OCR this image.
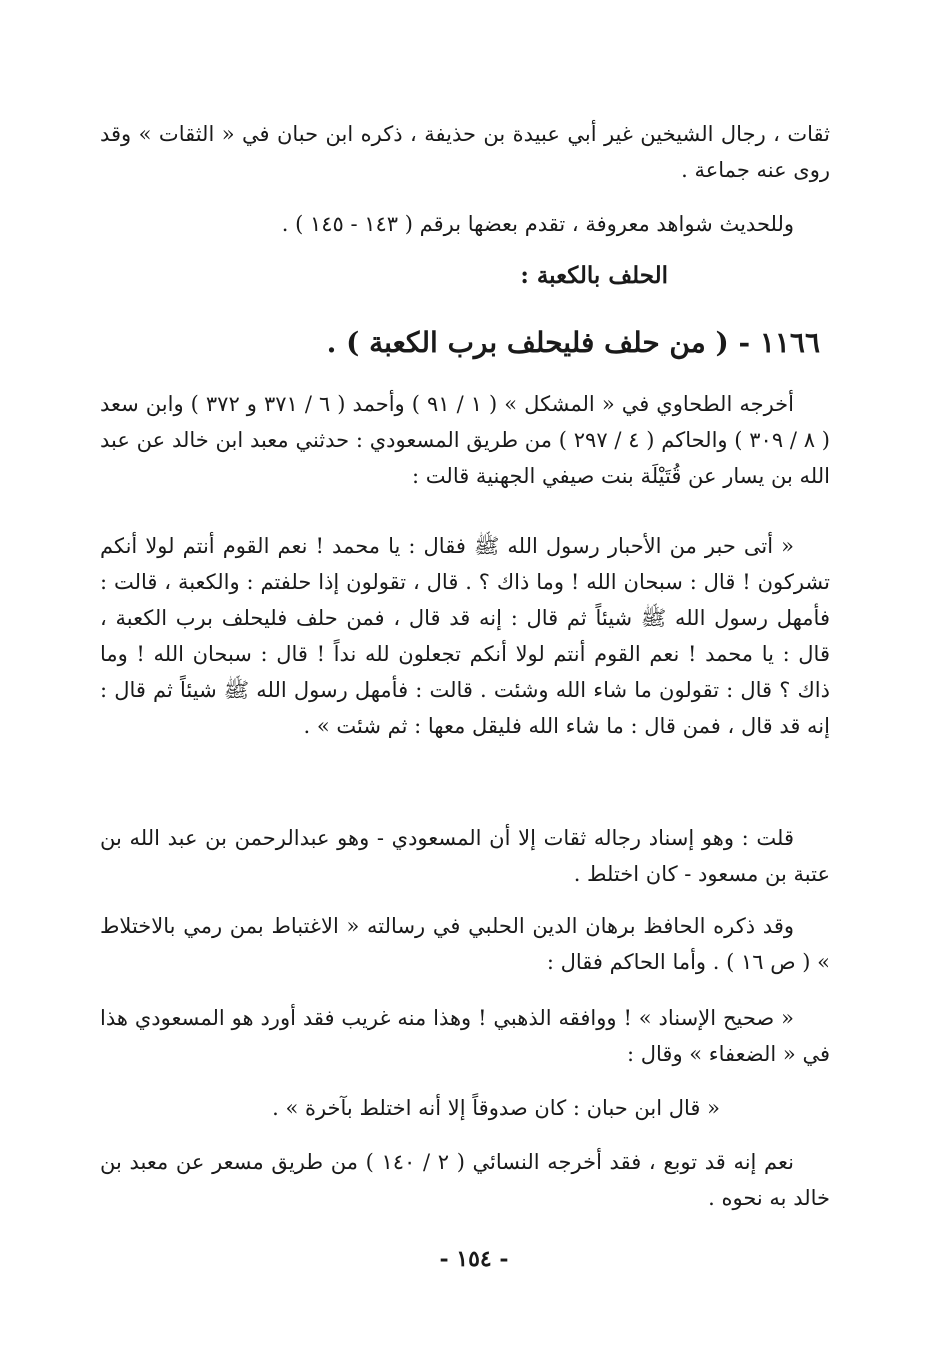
ثقات ، رجال الشيخين غير أبي عبيدة بن حذيفة ، ذكره ابن حبان في « الثقات » وقد روى عنه جماعة .

وللحديث شواهد معروفة ، تقدم بعضها برقم ( ١٤٣ - ١٤٥ ) .

الحلف بالكعبة :

١١٦٦ - ( من حلف فليحلف برب الكعبة ) .

أخرجه الطحاوي في « المشكل » ( ١ / ٩١ ) وأحمد ( ٦ / ٣٧١ و ٣٧٢ ) وابن سعد ( ٨ / ٣٠٩ ) والحاكم ( ٤ / ٢٩٧ ) من طريق المسعودي : حدثني معبد ابن خالد عن عبد الله بن يسار عن قُتَيْلَة بنت صيفي الجهنية قالت :

« أتى حبر من الأحبار رسول الله ﷺ فقال : يا محمد ! نعم القوم أنتم لولا أنكم تشركون ! قال : سبحان الله ! وما ذاك ؟ . قال ، تقولون إذا حلفتم : والكعبة ، قالت : فأمهل رسول الله ﷺ شيئاً ثم قال : إنه قد قال ، فمن حلف فليحلف برب الكعبة ، قال : يا محمد ! نعم القوم أنتم لولا أنكم تجعلون لله نداً ! قال : سبحان الله ! وما ذاك ؟ قال : تقولون ما شاء الله وشئت . قالت : فأمهل رسول الله ﷺ شيئاً ثم قال : إنه قد قال ، فمن قال : ما شاء الله فليقل معها : ثم شئت » .

قلت : وهو إسناد رجاله ثقات إلا أن المسعودي - وهو عبدالرحمن بن عبد الله بن عتبة بن مسعود - كان اختلط .

وقد ذكره الحافظ برهان الدين الحلبي في رسالته « الاغتباط بمن رمي بالاختلاط » ( ص ١٦ ) . وأما الحاكم فقال :

« صحيح الإسناد » ! ووافقه الذهبي ! وهذا منه غريب فقد أورد هو المسعودي هذا في « الضعفاء » وقال :

« قال ابن حبان : كان صدوقاً إلا أنه اختلط بآخرة » .

نعم إنه قد توبع ، فقد أخرجه النسائي ( ٢ / ١٤٠ ) من طريق مسعر عن معبد بن خالد به نحوه .

- ١٥٤ -
